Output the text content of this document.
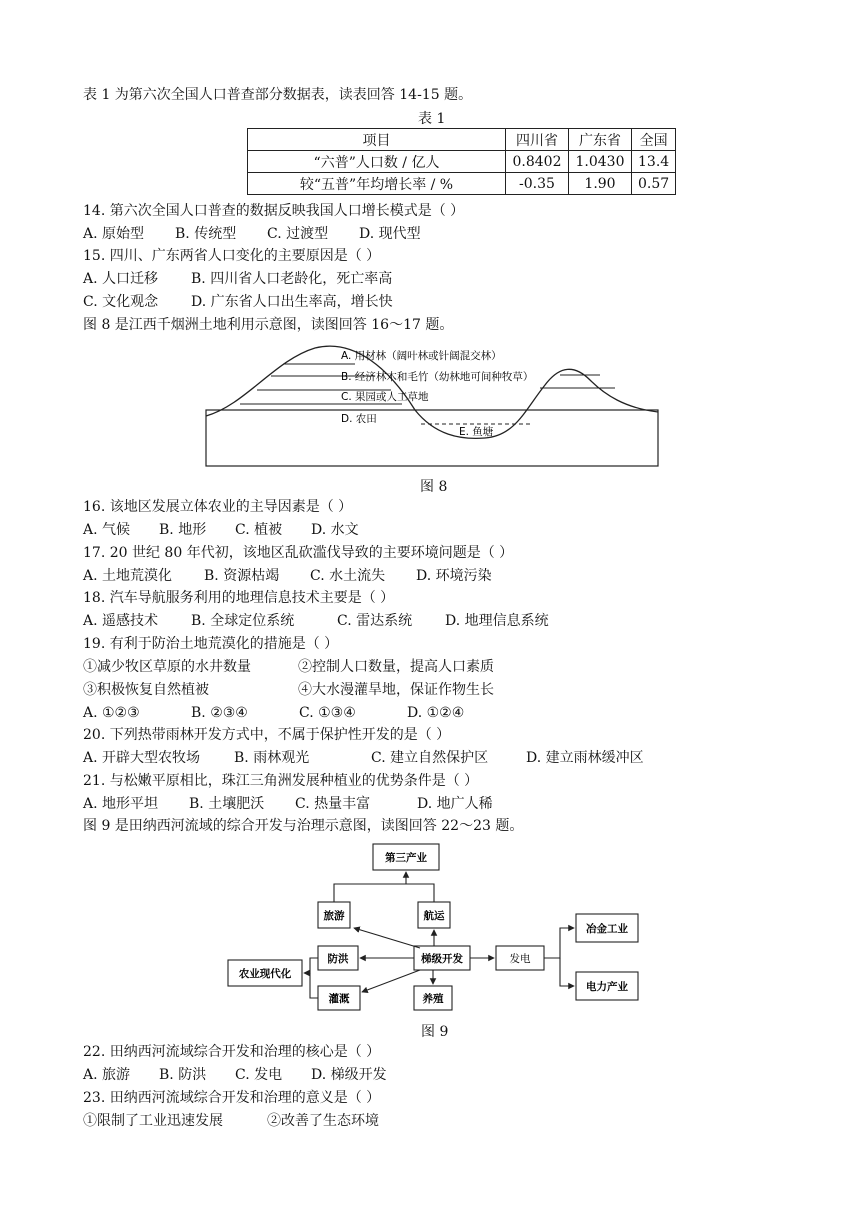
表 1 为第六次全国人口普查部分数据表，读表回答 14-15 题。
表 1
项目	四川省	广东省	全国
“六普”人口数 / 亿人	0.8402	1.0430	13.4
较“五普”年均增长率 / %	-0.35	1.90	0.57
14. 第六次全国人口普查的数据反映我国人口增长模式是（ ）
A. 原始型 B. 传统型 C. 过渡型 D. 现代型
15. 四川、广东两省人口变化的主要原因是（ ）
A. 人口迁移 B. 四川省人口老龄化，死亡率高
C. 文化观念 D. 广东省人口出生率高，增长快
图 8 是江西千烟洲土地利用示意图，读图回答 16～17 题。
A. 用材林（阔叶林或针阔混交林）
B. 经济林木和毛竹（幼林地可间种牧草）
C. 果园或人工草地
D. 农田
E. 鱼塘
图 8
16. 该地区发展立体农业的主导因素是（ ）
A. 气候 B. 地形 C. 植被 D. 水文
17. 20 世纪 80 年代初，该地区乱砍滥伐导致的主要环境问题是（ ）
A. 土地荒漠化 B. 资源枯竭 C. 水土流失 D. 环境污染
18. 汽车导航服务利用的地理信息技术主要是（ ）
A. 遥感技术 B. 全球定位系统	C. 雷达系统 D. 地理信息系统
19. 有利于防治土地荒漠化的措施是（ ）
①减少牧区草原的水井数量	②控制人口数量，提高人口素质
③积极恢复自然植被	④大水漫灌旱地，保证作物生长
A. ①②③	B. ②③④	C. ①③④	D. ①②④
20. 下列热带雨林开发方式中，不属于保护性开发的是（ ）
A. 开辟大型农牧场 B. 雨林观光	C. 建立自然保护区	D. 建立雨林缓冲区
21. 与松嫩平原相比，珠江三角洲发展种植业的优势条件是（ ）
A. 地形平坦 B. 土壤肥沃 C. 热量丰富	D. 地广人稀
图 9 是田纳西河流域的综合开发与治理示意图，读图回答 22～23 题。
第三产业
旅游	航运
防洪	梯级开发	发电
冶金工业
电力产业
农业现代化
灌溉	养殖
图 9
22. 田纳西河流域综合开发和治理的核心是（ ）
A. 旅游 B. 防洪 C. 发电 D. 梯级开发
23. 田纳西河流域综合开发和治理的意义是（ ）
①限制了工业迅速发展	②改善了生态环境
